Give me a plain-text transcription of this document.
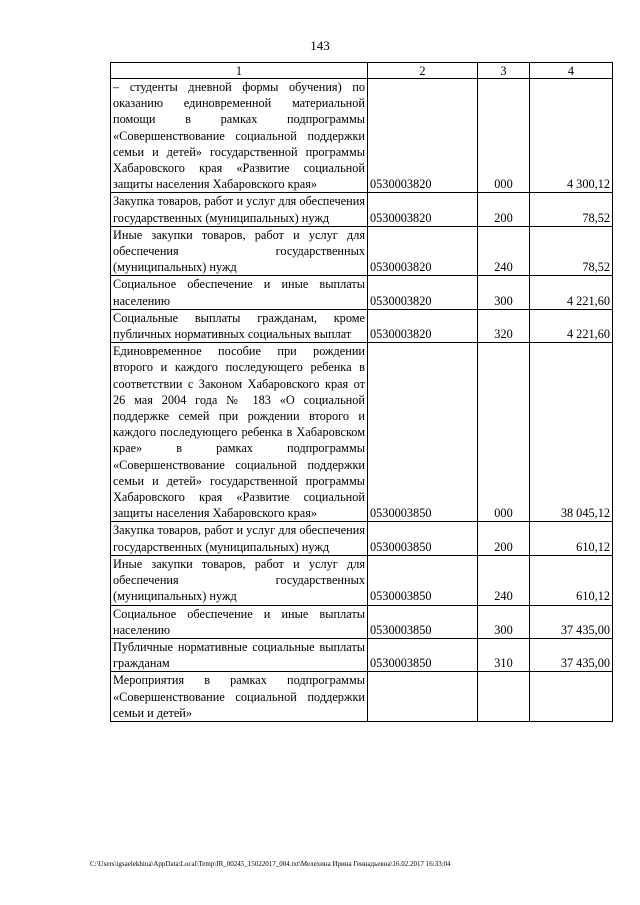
143
1	2	3	4
– студенты дневной формы обучения) по оказанию единовременной материальной помощи в рамках подпрограммы «Совершенствование социальной поддержки семьи и детей» государственной программы Хабаровского края «Развитие социальной защиты населения Хабаровского края»	0530003820	000	4 300,12
Закупка товаров, работ и услуг для обеспечения государственных (муниципальных) нужд	0530003820	200	78,52
Иные закупки товаров, работ и услуг для обеспечения государственных (муниципальных) нужд	0530003820	240	78,52
Социальное обеспечение и иные выплаты населению	0530003820	300	4 221,60
Социальные выплаты гражданам, кроме публичных нормативных социальных выплат	0530003820	320	4 221,60
Единовременное пособие при рождении второго и каждого последующего ребенка в соответствии с Законом Хабаровского края от 26 мая 2004 года № 183 «О социальной поддержке семей при рождении второго и каждого последующего ребенка в Хабаровском крае» в рамках подпрограммы «Совершенствование социальной поддержки семьи и детей» государственной программы Хабаровского края «Развитие социальной защиты населения Хабаровского края»	0530003850	000	38 045,12
Закупка товаров, работ и услуг для обеспечения государственных (муниципальных) нужд	0530003850	200	610,12
Иные закупки товаров, работ и услуг для обеспечения государственных (муниципальных) нужд	0530003850	240	610,12
Социальное обеспечение и иные выплаты населению	0530003850	300	37 435,00
Публичные нормативные социальные выплаты гражданам	0530003850	310	37 435,00
Мероприятия в рамках подпрограммы «Совершенствование социальной поддержки семьи и детей»			
C:\Users\igsaelekhina\AppData\Local\Temp\IR_00245_15022017_004.txt\Мелехина Ирина Геннадьевна\16.02.2017 16:33:04
